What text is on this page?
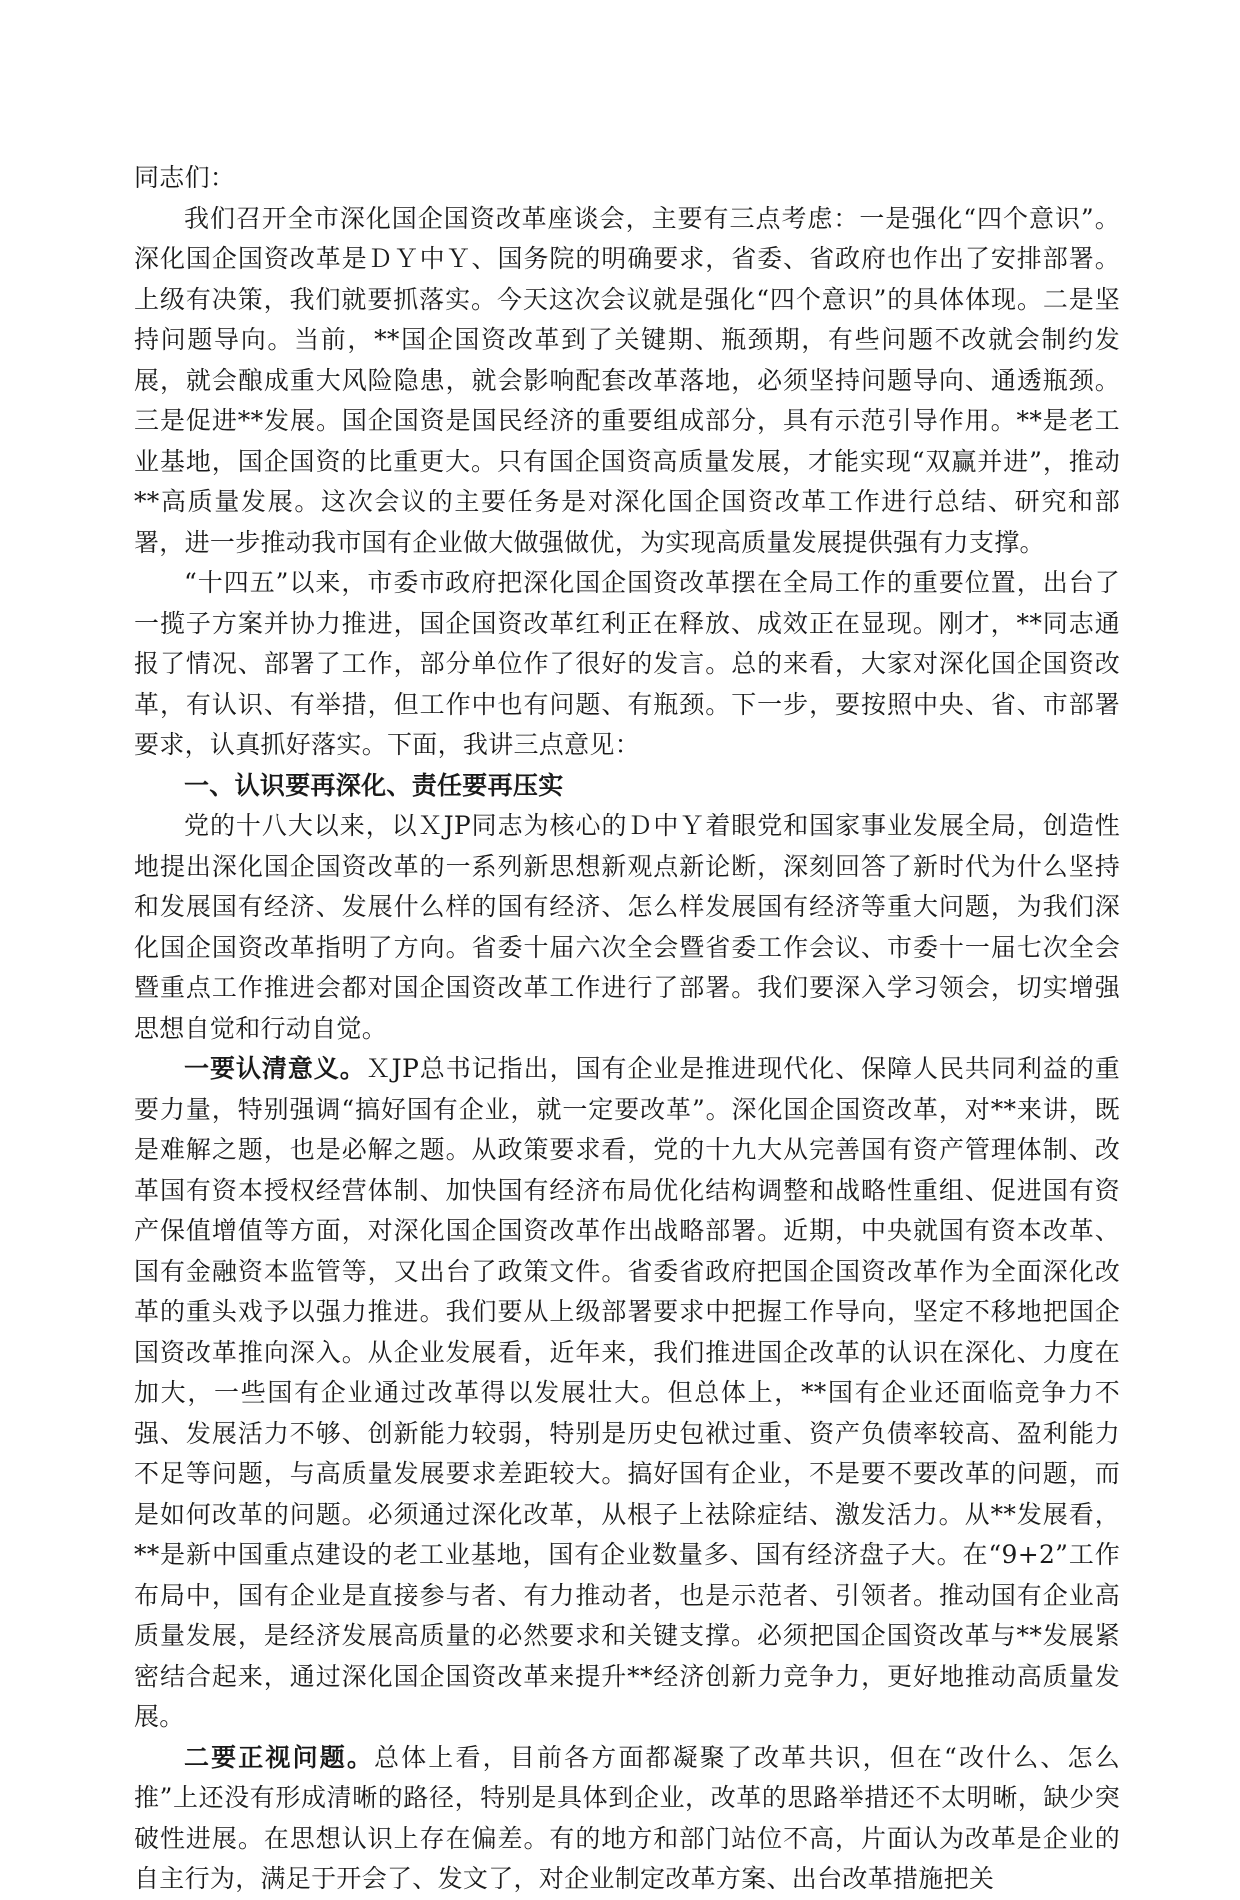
同志们：

我们召开全市深化国企国资改革座谈会，主要有三点考虑：一是强化“四个意识”。深化国企国资改革是ＤＹ中Ｙ、国务院的明确要求，省委、省政府也作出了安排部署。上级有决策，我们就要抓落实。今天这次会议就是强化“四个意识”的具体体现。二是坚持问题导向。当前，**国企国资改革到了关键期、瓶颈期，有些问题不改就会制约发展，就会酿成重大风险隐患，就会影响配套改革落地，必须坚持问题导向、通透瓶颈。三是促进**发展。国企国资是国民经济的重要组成部分，具有示范引导作用。**是老工业基地，国企国资的比重更大。只有国企国资高质量发展，才能实现“双赢并进”，推动**高质量发展。这次会议的主要任务是对深化国企国资改革工作进行总结、研究和部署，进一步推动我市国有企业做大做强做优，为实现高质量发展提供强有力支撑。

“十四五”以来，市委市政府把深化国企国资改革摆在全局工作的重要位置，出台了一揽子方案并协力推进，国企国资改革红利正在释放、成效正在显现。刚才，**同志通报了情况、部署了工作，部分单位作了很好的发言。总的来看，大家对深化国企国资改革，有认识、有举措，但工作中也有问题、有瓶颈。下一步，要按照中央、省、市部署要求，认真抓好落实。下面，我讲三点意见：

一、认识要再深化、责任要再压实

党的十八大以来，以ＸJP同志为核心的Ｄ中Ｙ着眼党和国家事业发展全局，创造性地提出深化国企国资改革的一系列新思想新观点新论断，深刻回答了新时代为什么坚持和发展国有经济、发展什么样的国有经济、怎么样发展国有经济等重大问题，为我们深化国企国资改革指明了方向。省委十届六次全会暨省委工作会议、市委十一届七次全会暨重点工作推进会都对国企国资改革工作进行了部署。我们要深入学习领会，切实增强思想自觉和行动自觉。

一要认清意义。ＸJP总书记指出，国有企业是推进现代化、保障人民共同利益的重要力量，特别强调“搞好国有企业，就一定要改革”。深化国企国资改革，对**来讲，既是难解之题，也是必解之题。从政策要求看，党的十九大从完善国有资产管理体制、改革国有资本授权经营体制、加快国有经济布局优化结构调整和战略性重组、促进国有资产保值增值等方面，对深化国企国资改革作出战略部署。近期，中央就国有资本改革、国有金融资本监管等，又出台了政策文件。省委省政府把国企国资改革作为全面深化改革的重头戏予以强力推进。我们要从上级部署要求中把握工作导向，坚定不移地把国企国资改革推向深入。从企业发展看，近年来，我们推进国企改革的认识在深化、力度在加大，一些国有企业通过改革得以发展壮大。但总体上，**国有企业还面临竞争力不强、发展活力不够、创新能力较弱，特别是历史包袱过重、资产负债率较高、盈利能力不足等问题，与高质量发展要求差距较大。搞好国有企业，不是要不要改革的问题，而是如何改革的问题。必须通过深化改革，从根子上祛除症结、激发活力。从**发展看，**是新中国重点建设的老工业基地，国有企业数量多、国有经济盘子大。在“9+2”工作布局中，国有企业是直接参与者、有力推动者，也是示范者、引领者。推动国有企业高质量发展，是经济发展高质量的必然要求和关键支撑。必须把国企国资改革与**发展紧密结合起来，通过深化国企国资改革来提升**经济创新力竞争力，更好地推动高质量发展。

二要正视问题。总体上看，目前各方面都凝聚了改革共识，但在“改什么、怎么推”上还没有形成清晰的路径，特别是具体到企业，改革的思路举措还不太明晰，缺少突破性进展。在思想认识上存在偏差。有的地方和部门站位不高，片面认为改革是企业的自主行为，满足于开会了、发文了，对企业制定改革方案、出台改革措施把关
